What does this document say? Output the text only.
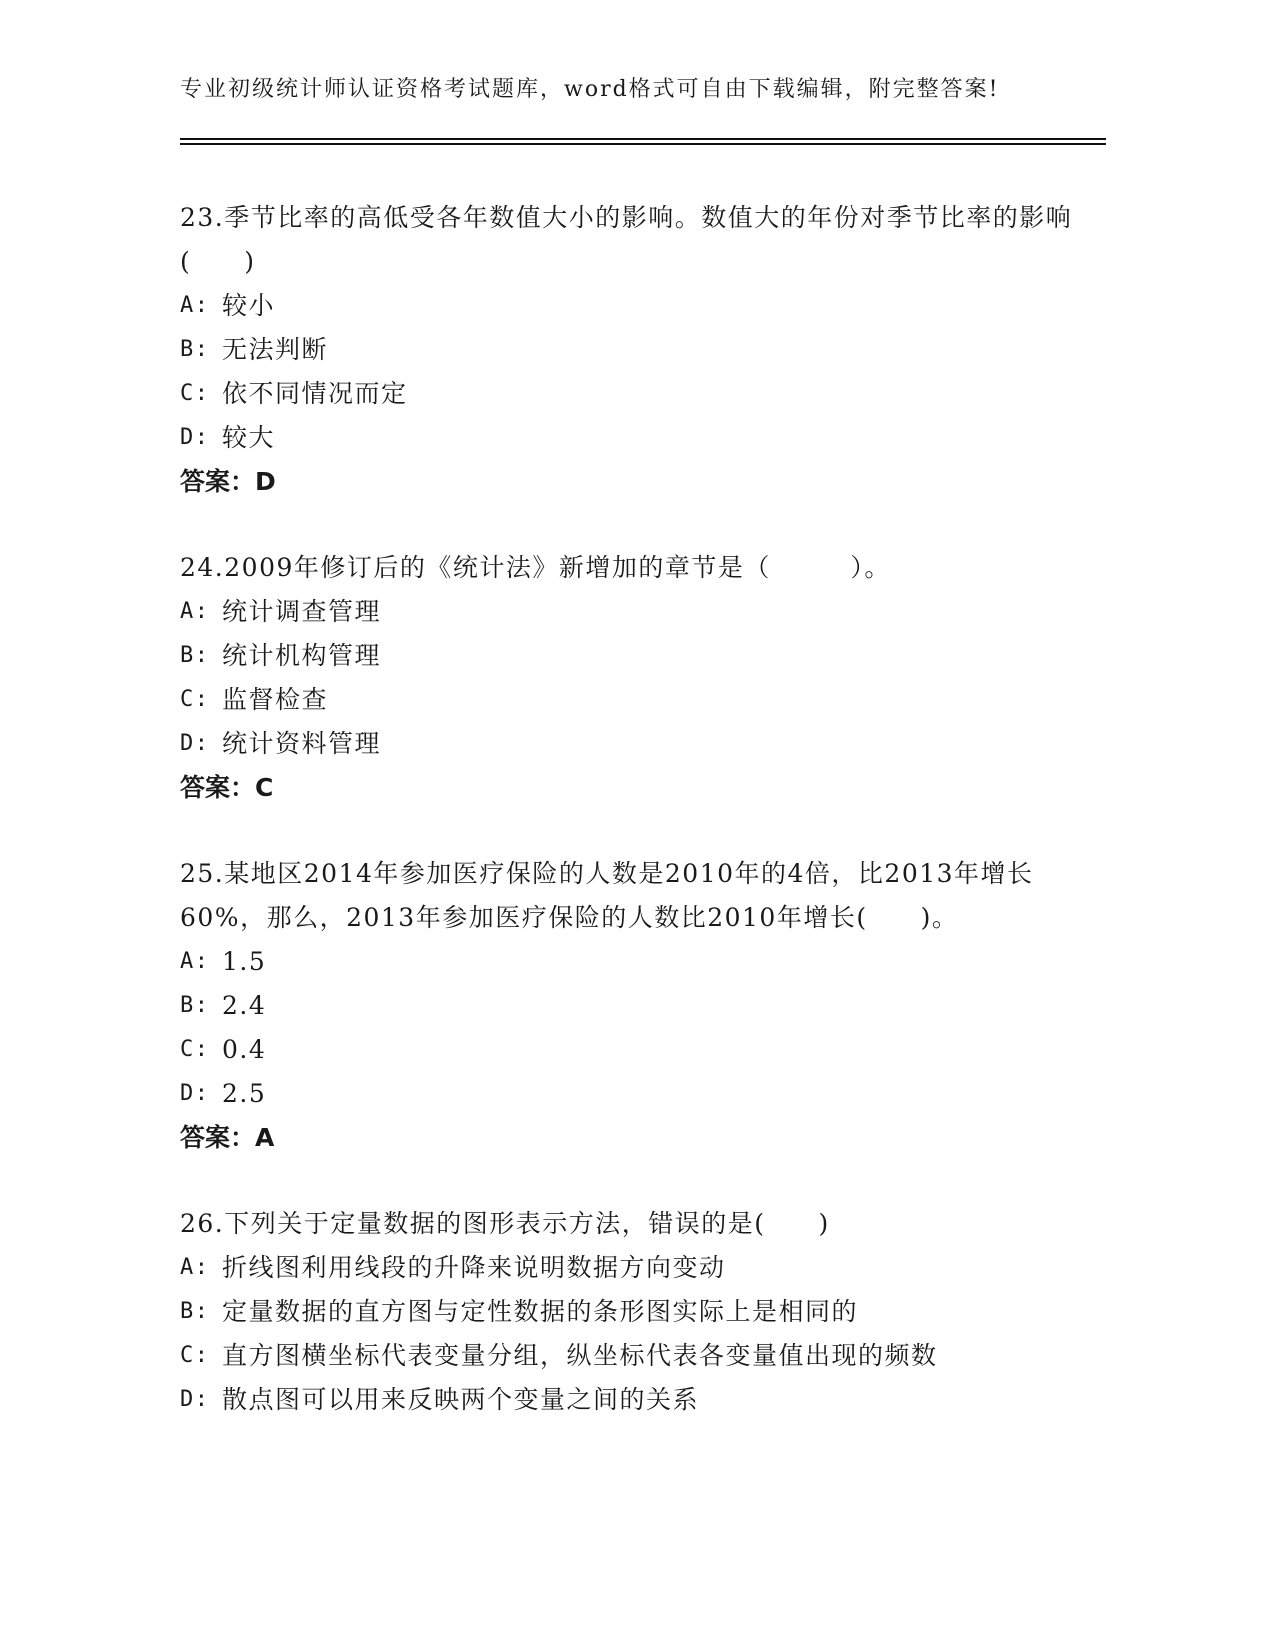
专业初级统计师认证资格考试题库，word格式可自由下载编辑，附完整答案!
23.季节比率的高低受各年数值大小的影响。数值大的年份对季节比率的影响(　　)
A: 较小
B: 无法判断
C: 依不同情况而定
D: 较大
答案：D
24.2009年修订后的《统计法》新增加的章节是（　　　）。
A: 统计调查管理
B: 统计机构管理
C: 监督检查
D: 统计资料管理
答案：C
25.某地区2014年参加医疗保险的人数是2010年的4倍，比2013年增长60%，那么，2013年参加医疗保险的人数比2010年增长(　　)。
A: 1.5
B: 2.4
C: 0.4
D: 2.5
答案：A
26.下列关于定量数据的图形表示方法，错误的是(　　)
A: 折线图利用线段的升降来说明数据方向变动
B: 定量数据的直方图与定性数据的条形图实际上是相同的
C: 直方图横坐标代表变量分组，纵坐标代表各变量值出现的频数
D: 散点图可以用来反映两个变量之间的关系
